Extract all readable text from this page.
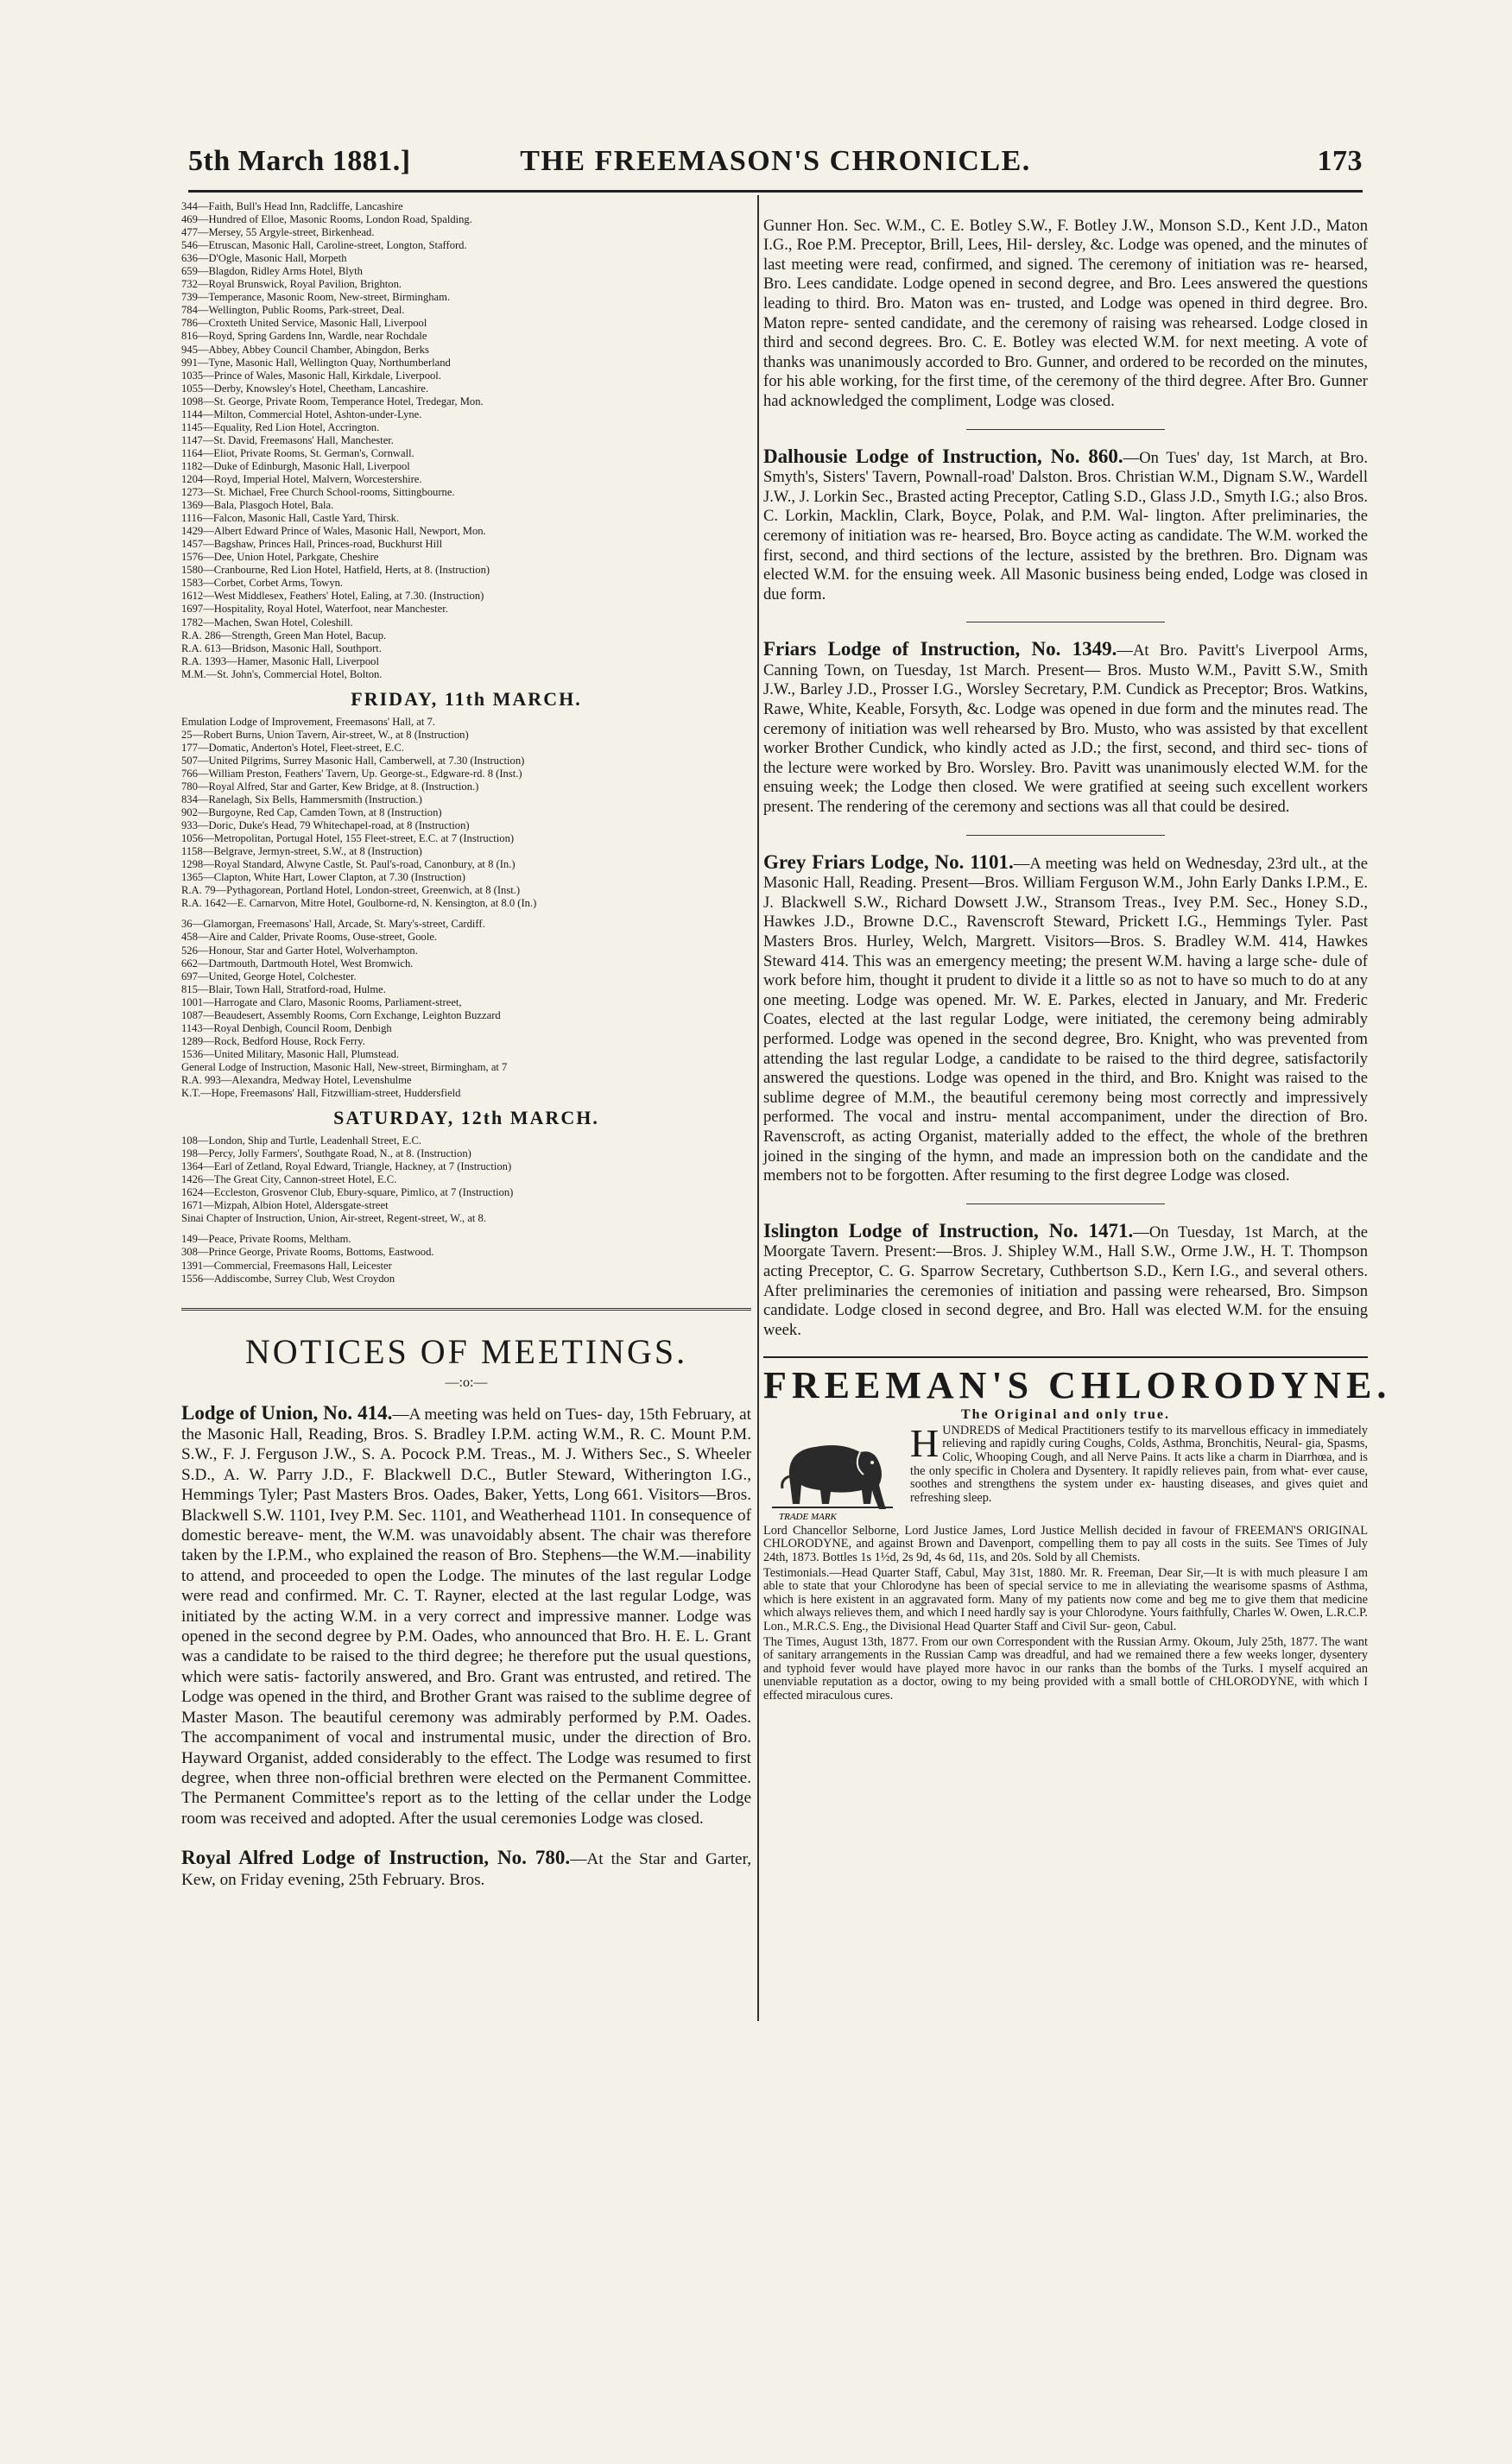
5th March 1881.]	THE FREEMASON'S CHRONICLE.	173
344—Faith, Bull's Head Inn, Radcliffe, Lancashire
469—Hundred of Elloe, Masonic Rooms, London Road, Spalding.
477—Mersey, 55 Argyle-street, Birkenhead.
546—Etruscan, Masonic Hall, Caroline-street, Longton, Stafford.
636—D'Ogle, Masonic Hall, Morpeth
659—Blagdon, Ridley Arms Hotel, Blyth
732—Royal Brunswick, Royal Pavilion, Brighton.
739—Temperance, Masonic Room, New-street, Birmingham.
784—Wellington, Public Rooms, Park-street, Deal.
786—Croxteth United Service, Masonic Hall, Liverpool
816—Royd, Spring Gardens Inn, Wardle, near Rochdale
945—Abbey, Abbey Council Chamber, Abingdon, Berks
991—Tyne, Masonic Hall, Wellington Quay, Northumberland
1035—Prince of Wales, Masonic Hall, Kirkdale, Liverpool.
1055—Derby, Knowsley's Hotel, Cheetham, Lancashire.
1098—St. George, Private Room, Temperance Hotel, Tredegar, Mon.
1144—Milton, Commercial Hotel, Ashton-under-Lyne.
1145—Equality, Red Lion Hotel, Accrington.
1147—St. David, Freemasons' Hall, Manchester.
1164—Eliot, Private Rooms, St. German's, Cornwall.
1182—Duke of Edinburgh, Masonic Hall, Liverpool
1204—Royd, Imperial Hotel, Malvern, Worcestershire.
1273—St. Michael, Free Church School-rooms, Sittingbourne.
1369—Bala, Plasgoch Hotel, Bala.
1116—Falcon, Masonic Hall, Castle Yard, Thirsk.
1429—Albert Edward Prince of Wales, Masonic Hall, Newport, Mon.
1457—Bagshaw, Princes Hall, Princes-road, Buckhurst Hill
1576—Dee, Union Hotel, Parkgate, Cheshire
1580—Cranbourne, Red Lion Hotel, Hatfield, Herts, at 8. (Instruction)
1583—Corbet, Corbet Arms, Towyn.
1612—West Middlesex, Feathers' Hotel, Ealing, at 7.30. (Instruction)
1697—Hospitality, Royal Hotel, Waterfoot, near Manchester.
1782—Machen, Swan Hotel, Coleshill.
R.A. 286—Strength, Green Man Hotel, Bacup.
R.A. 613—Bridson, Masonic Hall, Southport.
R.A. 1393—Hamer, Masonic Hall, Liverpool
M.M.—St. John's, Commercial Hotel, Bolton.
FRIDAY, 11th MARCH.
Emulation Lodge of Improvement, Freemasons' Hall, at 7.
25—Robert Burns, Union Tavern, Air-street, W., at 8 (Instruction)
177—Domatic, Anderton's Hotel, Fleet-street, E.C.
507—United Pilgrims, Surrey Masonic Hall, Camberwell, at 7.30 (Instruction)
766—William Preston, Feathers' Tavern, Up. George-st., Edgware-rd. 8 (Inst.)
780—Royal Alfred, Star and Garter, Kew Bridge, at 8. (Instruction.)
834—Ranelagh, Six Bells, Hammersmith (Instruction.)
902—Burgoyne, Red Cap, Camden Town, at 8 (Instruction)
933—Doric, Duke's Head, 79 Whitechapel-road, at 8 (Instruction)
1056—Metropolitan, Portugal Hotel, 155 Fleet-street, E.C. at 7 (Instruction)
1158—Belgrave, Jermyn-street, S.W., at 8 (Instruction)
1298—Royal Standard, Alwyne Castle, St. Paul's-road, Canonbury, at 8 (In.)
1365—Clapton, White Hart, Lower Clapton, at 7.30 (Instruction)
R.A. 79—Pythagorean, Portland Hotel, London-street, Greenwich, at 8 (Inst.)
R.A. 1642—E. Carnarvon, Mitre Hotel, Goulborne-rd, N. Kensington, at 8.0 (In.)
36—Glamorgan, Freemasons' Hall, Arcade, St. Mary's-street, Cardiff.
458—Aire and Calder, Private Rooms, Ouse-street, Goole.
526—Honour, Star and Garter Hotel, Wolverhampton.
662—Dartmouth, Dartmouth Hotel, West Bromwich.
697—United, George Hotel, Colchester.
815—Blair, Town Hall, Stratford-road, Hulme.
1001—Harrogate and Claro, Masonic Rooms, Parliament-street,
1087—Beaudesert, Assembly Rooms, Corn Exchange, Leighton Buzzard
1143—Royal Denbigh, Council Room, Denbigh
1289—Rock, Bedford House, Rock Ferry.
1536—United Military, Masonic Hall, Plumstead.
General Lodge of Instruction, Masonic Hall, New-street, Birmingham, at 7
R.A. 993—Alexandra, Medway Hotel, Levenshulme
K.T.—Hope, Freemasons' Hall, Fitzwilliam-street, Huddersfield
SATURDAY, 12th MARCH.
108—London, Ship and Turtle, Leadenhall Street, E.C.
198—Percy, Jolly Farmers', Southgate Road, N., at 8. (Instruction)
1364—Earl of Zetland, Royal Edward, Triangle, Hackney, at 7 (Instruction)
1426—The Great City, Cannon-street Hotel, E.C.
1624—Eccleston, Grosvenor Club, Ebury-square, Pimlico, at 7 (Instruction)
1671—Mizpah, Albion Hotel, Aldersgate-street
Sinai Chapter of Instruction, Union, Air-street, Regent-street, W., at 8.
149—Peace, Private Rooms, Meltham.
308—Prince George, Private Rooms, Bottoms, Eastwood.
1391—Commercial, Freemasons Hall, Leicester
1556—Addiscombe, Surrey Club, West Croydon
NOTICES OF MEETINGS.
—:o:—

Lodge of Union, No. 414.—A meeting was held on Tues- day, 15th February, at the Masonic Hall, Reading, Bros. S. Bradley I.P.M. acting W.M., R. C. Mount P.M. S.W., F. J. Ferguson J.W., S. A. Pocock P.M. Treas., M. J. Withers Sec., S. Wheeler S.D., A. W. Parry J.D., F. Blackwell D.C., Butler Steward, Witherington I.G., Hemmings Tyler; Past Masters Bros. Oades, Baker, Yetts, Long 661. Visitors—Bros. Blackwell S.W. 1101, Ivey P.M. Sec. 1101, and Weatherhead 1101. In consequence of domestic bereave- ment, the W.M. was unavoidably absent. The chair was therefore taken by the I.P.M., who explained the reason of Bro. Stephens—the W.M.—inability to attend, and proceeded to open the Lodge. The minutes of the last regular Lodge were read and confirmed. Mr. C. T. Rayner, elected at the last regular Lodge, was initiated by the acting W.M. in a very correct and impressive manner. Lodge was opened in the second degree by P.M. Oades, who announced that Bro. H. E. L. Grant was a candidate to be raised to the third degree; he therefore put the usual questions, which were satis- factorily answered, and Bro. Grant was entrusted, and retired. The Lodge was opened in the third, and Brother Grant was raised to the sublime degree of Master Mason. The beautiful ceremony was admirably performed by P.M. Oades. The accompaniment of vocal and instrumental music, under the direction of Bro. Hayward Organist, added considerably to the effect. The Lodge was resumed to first degree, when three non-official brethren were elected on the Permanent Committee. The Permanent Committee's report as to the letting of the cellar under the Lodge room was received and adopted. After the usual ceremonies Lodge was closed.

Royal Alfred Lodge of Instruction, No. 780.—At the Star and Garter, Kew, on Friday evening, 25th February. Bros.

Gunner Hon. Sec. W.M., C. E. Botley S.W., F. Botley J.W., Monson S.D., Kent J.D., Maton I.G., Roe P.M. Preceptor, Brill, Lees, Hil- dersley, &c. Lodge was opened, and the minutes of last meeting were read, confirmed, and signed. The ceremony of initiation was re- hearsed, Bro. Lees candidate. Lodge opened in second degree, and Bro. Lees answered the questions leading to third. Bro. Maton was en- trusted, and Lodge was opened in third degree. Bro. Maton repre- sented candidate, and the ceremony of raising was rehearsed. Lodge closed in third and second degrees. Bro. C. E. Botley was elected W.M. for next meeting. A vote of thanks was unanimously accorded to Bro. Gunner, and ordered to be recorded on the minutes, for his able working, for the first time, of the ceremony of the third degree. After Bro. Gunner had acknowledged the compliment, Lodge was closed.

Dalhousie Lodge of Instruction, No. 860.—On Tues' day, 1st March, at Bro. Smyth's, Sisters' Tavern, Pownall-road' Dalston. Bros. Christian W.M., Dignam S.W., Wardell J.W., J. Lorkin Sec., Brasted acting Preceptor, Catling S.D., Glass J.D., Smyth I.G.; also Bros. C. Lorkin, Macklin, Clark, Boyce, Polak, and P.M. Wal- lington. After preliminaries, the ceremony of initiation was re- hearsed, Bro. Boyce acting as candidate. The W.M. worked the first, second, and third sections of the lecture, assisted by the brethren. Bro. Dignam was elected W.M. for the ensuing week. All Masonic business being ended, Lodge was closed in due form.

Friars Lodge of Instruction, No. 1349.—At Bro. Pavitt's Liverpool Arms, Canning Town, on Tuesday, 1st March. Present— Bros. Musto W.M., Pavitt S.W., Smith J.W., Barley J.D., Prosser I.G., Worsley Secretary, P.M. Cundick as Preceptor; Bros. Watkins, Rawe, White, Keable, Forsyth, &c. Lodge was opened in due form and the minutes read. The ceremony of initiation was well rehearsed by Bro. Musto, who was assisted by that excellent worker Brother Cundick, who kindly acted as J.D.; the first, second, and third sec- tions of the lecture were worked by Bro. Worsley. Bro. Pavitt was unanimously elected W.M. for the ensuing week; the Lodge then closed. We were gratified at seeing such excellent workers present. The rendering of the ceremony and sections was all that could be desired.

Grey Friars Lodge, No. 1101.—A meeting was held on Wednesday, 23rd ult., at the Masonic Hall, Reading. Present—Bros. William Ferguson W.M., John Early Danks I.P.M., E. J. Blackwell S.W., Richard Dowsett J.W., Stransom Treas., Ivey P.M. Sec., Honey S.D., Hawkes J.D., Browne D.C., Ravenscroft Steward, Prickett I.G., Hemmings Tyler. Past Masters Bros. Hurley, Welch, Margrett. Visitors—Bros. S. Bradley W.M. 414, Hawkes Steward 414. This was an emergency meeting; the present W.M. having a large sche- dule of work before him, thought it prudent to divide it a little so as not to have so much to do at any one meeting. Lodge was opened. Mr. W. E. Parkes, elected in January, and Mr. Frederic Coates, elected at the last regular Lodge, were initiated, the ceremony being admirably performed. Lodge was opened in the second degree, Bro. Knight, who was prevented from attending the last regular Lodge, a candidate to be raised to the third degree, satisfactorily answered the questions. Lodge was opened in the third, and Bro. Knight was raised to the sublime degree of M.M., the beautiful ceremony being most correctly and impressively performed. The vocal and instru- mental accompaniment, under the direction of Bro. Ravenscroft, as acting Organist, materially added to the effect, the whole of the brethren joined in the singing of the hymn, and made an impression both on the candidate and the members not to be forgotten. After resuming to the first degree Lodge was closed.

Islington Lodge of Instruction, No. 1471.—On Tuesday, 1st March, at the Moorgate Tavern. Present:—Bros. J. Shipley W.M., Hall S.W., Orme J.W., H. T. Thompson acting Preceptor, C. G. Sparrow Secretary, Cuthbertson S.D., Kern I.G., and several others. After preliminaries the ceremonies of initiation and passing were rehearsed, Bro. Simpson candidate. Lodge closed in second degree, and Bro. Hall was elected W.M. for the ensuing week.

FREEMAN'S CHLORODYNE.
The Original and only true.
TRADE MARK

HUNDREDS of Medical Practitioners testify to its marvellous efficacy in immediately relieving and rapidly curing Coughs, Colds, Asthma, Bronchitis, Neural- gia, Spasms, Colic, Whooping Cough, and all Nerve Pains. It acts like a charm in Diarrhœa, and is the only specific in Cholera and Dysentery. It rapidly relieves pain, from what- ever cause, soothes and strengthens the system under ex- hausting diseases, and gives quiet and refreshing sleep.

Lord Chancellor Selborne, Lord Justice James, Lord Justice Mellish decided in favour of FREEMAN'S ORIGINAL CHLORODYNE, and against Brown and Davenport, compelling them to pay all costs in the suits. See Times of July 24th, 1873. Bottles 1s 1½d, 2s 9d, 4s 6d, 11s, and 20s. Sold by all Chemists.

Testimonials.—Head Quarter Staff, Cabul, May 31st, 1880. Mr. R. Freeman, Dear Sir,—It is with much pleasure I am able to state that your Chlorodyne has been of special service to me in alleviating the wearisome spasms of Asthma, which is here existent in an aggravated form. Many of my patients now come and beg me to give them that medicine which always relieves them, and which I need hardly say is your Chlorodyne. Yours faithfully, Charles W. Owen, L.R.C.P. Lon., M.R.C.S. Eng., the Divisional Head Quarter Staff and Civil Sur- geon, Cabul.

The Times, August 13th, 1877. From our own Correspondent with the Russian Army. Okoum, July 25th, 1877. The want of sanitary arrangements in the Russian Camp was dreadful, and had we remained there a few weeks longer, dysentery and typhoid fever would have played more havoc in our ranks than the bombs of the Turks. I myself acquired an unenviable reputation as a doctor, owing to my being provided with a small bottle of CHLORODYNE, with which I effected miraculous cures.
